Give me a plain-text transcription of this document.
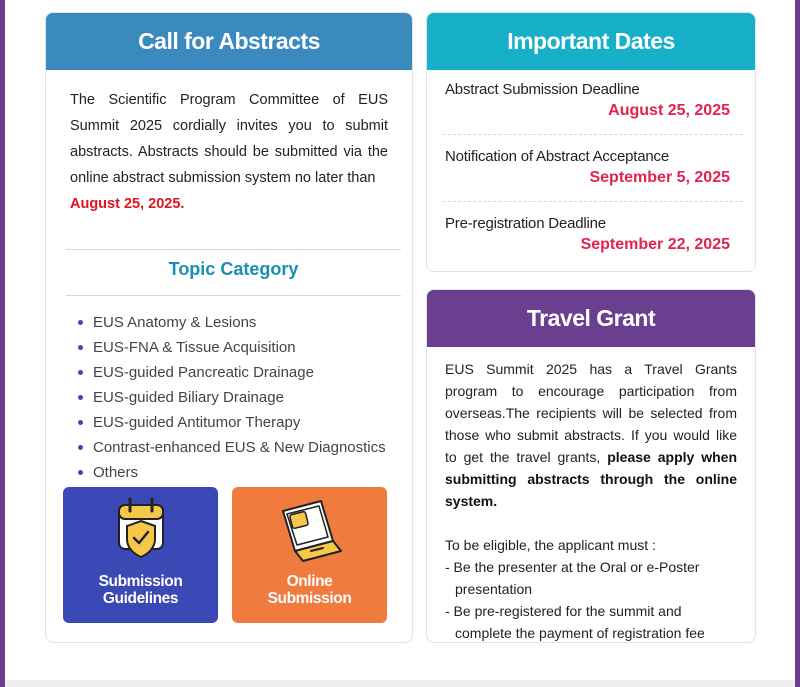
Call for Abstracts
The Scientific Program Committee of EUS Summit 2025 cordially invites you to submit abstracts. Abstracts should be submitted via the online abstract submission system no later than
August 25, 2025.
Topic Category
EUS Anatomy & Lesions
EUS-FNA & Tissue Acquisition
EUS-guided Pancreatic Drainage
EUS-guided Biliary Drainage
EUS-guided Antitumor Therapy
Contrast-enhanced EUS & New Diagnostics
Others
Submission
Guidelines
Online
Submission
Important Dates
Abstract Submission Deadline
August 25, 2025
Notification of Abstract Acceptance
September 5, 2025
Pre-registration Deadline
September 22, 2025
Travel Grant
EUS Summit 2025 has a Travel Grants program to encourage participation from overseas.The recipients will be selected from those who submit abstracts. If you would like to get the travel grants, please apply when submitting abstracts through the online system.
To be eligible, the applicant must :
- Be the presenter at the Oral or e-Poster presentation
- Be pre-registered for the summit and complete the payment of registration fee
